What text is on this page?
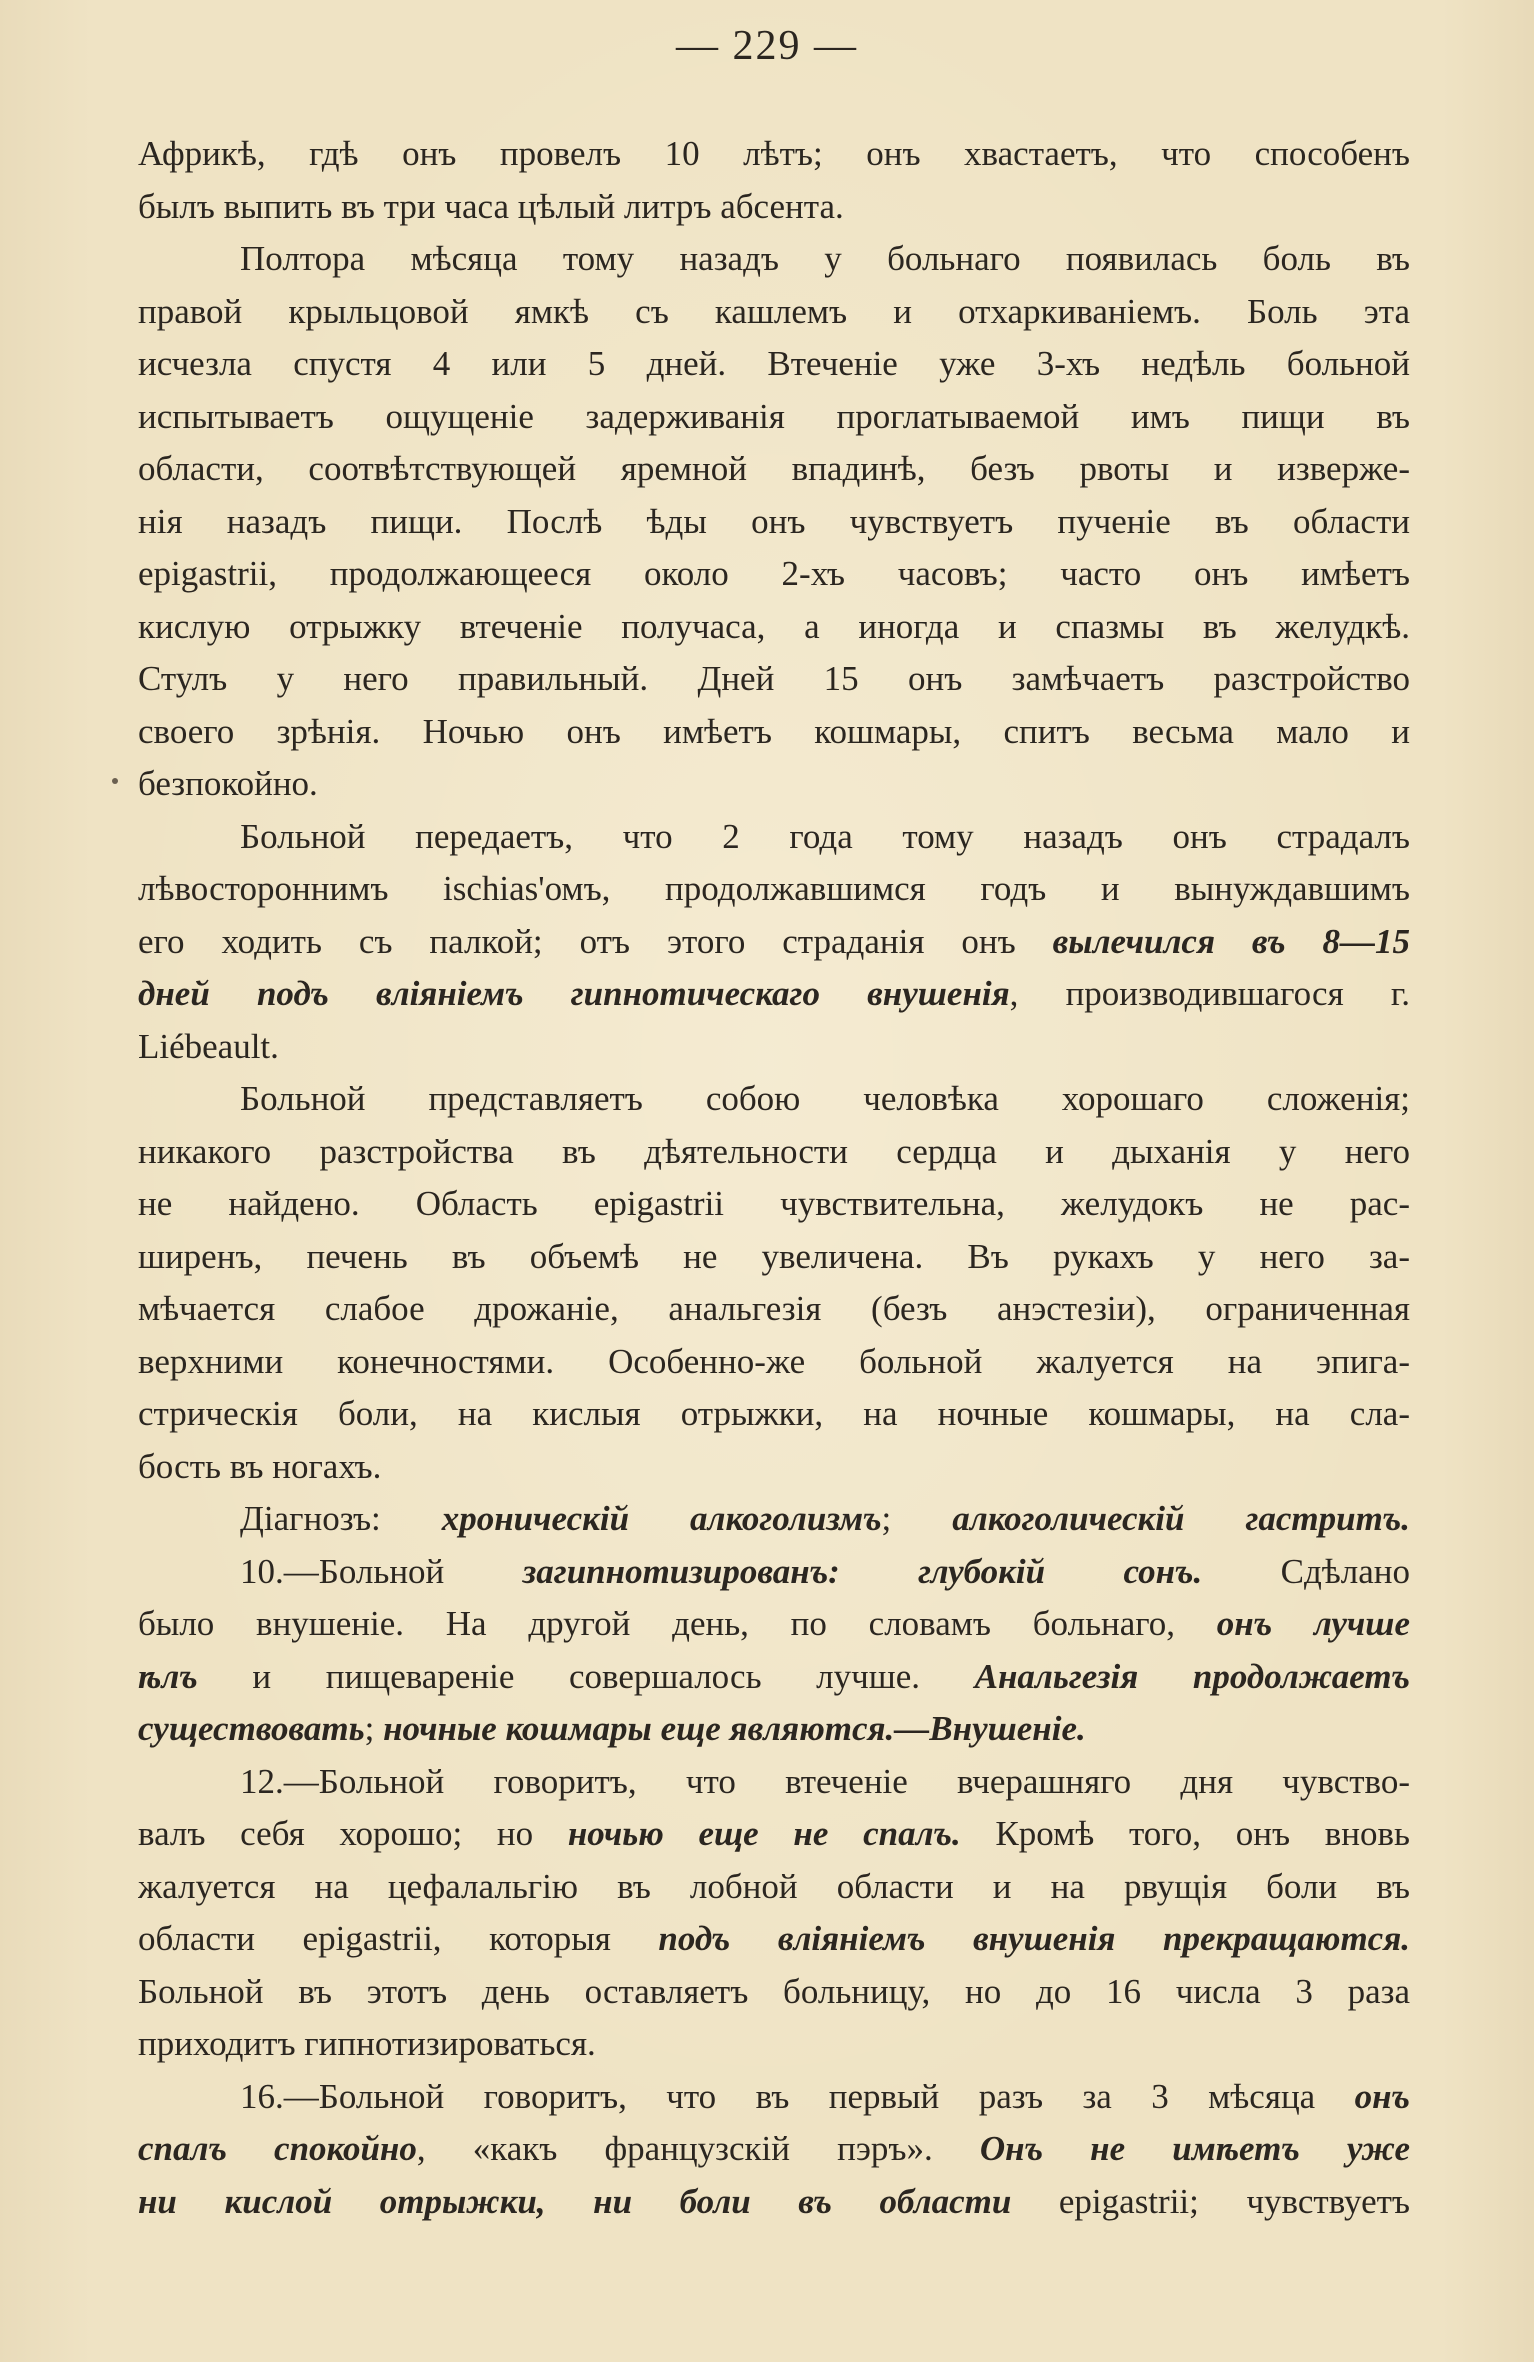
— 229 —
Африкѣ, гдѣ онъ провелъ 10 лѣтъ; онъ хвастаетъ, что способенъ
былъ выпить въ три часа цѣлый литръ абсента.
Полтора мѣсяца тому назадъ у больнаго появилась боль въ
правой крыльцовой ямкѣ съ кашлемъ и отхаркиваніемъ. Боль эта
исчезла спустя 4 или 5 дней. Втеченіе уже 3-хъ недѣль больной
испытываетъ ощущеніе задерживанія проглатываемой имъ пищи въ
области, соотвѣтствующей яремной впадинѣ, безъ рвоты и изверже-
нія назадъ пищи. Послѣ ѣды онъ чувствуетъ пученіе въ области
epigastrii, продолжающееся около 2-хъ часовъ; часто онъ имѣетъ
кислую отрыжку втеченіе получаса, а иногда и спазмы въ желудкѣ.
Стулъ у него правильный. Дней 15 онъ замѣчаетъ разстройство
своего зрѣнія. Ночью онъ имѣетъ кошмары, спитъ весьма мало и
безпокойно.
Больной передаетъ, что 2 года тому назадъ онъ страдалъ
лѣвостороннимъ ischias'омъ, продолжавшимся годъ и вынуждавшимъ
его ходить съ палкой; отъ этого страданія онъ вылечился въ 8—15
дней подъ вліяніемъ гипнотическаго внушенія, производившагося г.
Liébeault.
Больной представляетъ собою человѣка хорошаго сложенія;
никакого разстройства въ дѣятельности сердца и дыханія у него
не найдено. Область epigastrii чувствительна, желудокъ не рас-
ширенъ, печень въ объемѣ не увеличена. Въ рукахъ у него за-
мѣчается слабое дрожаніе, анальгезія (безъ анэстезіи), ограниченная
верхними конечностями. Особенно-же больной жалуется на эпига-
стрическія боли, на кислыя отрыжки, на ночные кошмары, на сла-
бость въ ногахъ.
Діагнозъ: хроническій алкоголизмъ; алкоголическій гастритъ.
10.—Больной загипнотизированъ: глубокій сонъ. Сдѣлано
было внушеніе. На другой день, по словамъ больнаго, онъ лучше
ѣлъ и пищевареніе совершалось лучше. Анальгезія продолжаетъ
существовать; ночные кошмары еще являются.—Внушеніе.
12.—Больной говоритъ, что втеченіе вчерашняго дня чувство-
валъ себя хорошо; но ночью еще не спалъ. Кромѣ того, онъ вновь
жалуется на цефалальгію въ лобной области и на рвущія боли въ
области epigastrii, которыя подъ вліяніемъ внушенія прекращаются.
Больной въ этотъ день оставляетъ больницу, но до 16 числа 3 раза
приходитъ гипнотизироваться.
16.—Больной говоритъ, что въ первый разъ за 3 мѣсяца онъ
спалъ спокойно, «какъ французскій пэръ». Онъ не имѣетъ уже
ни кислой отрыжки, ни боли въ области epigastrii; чувствуетъ
